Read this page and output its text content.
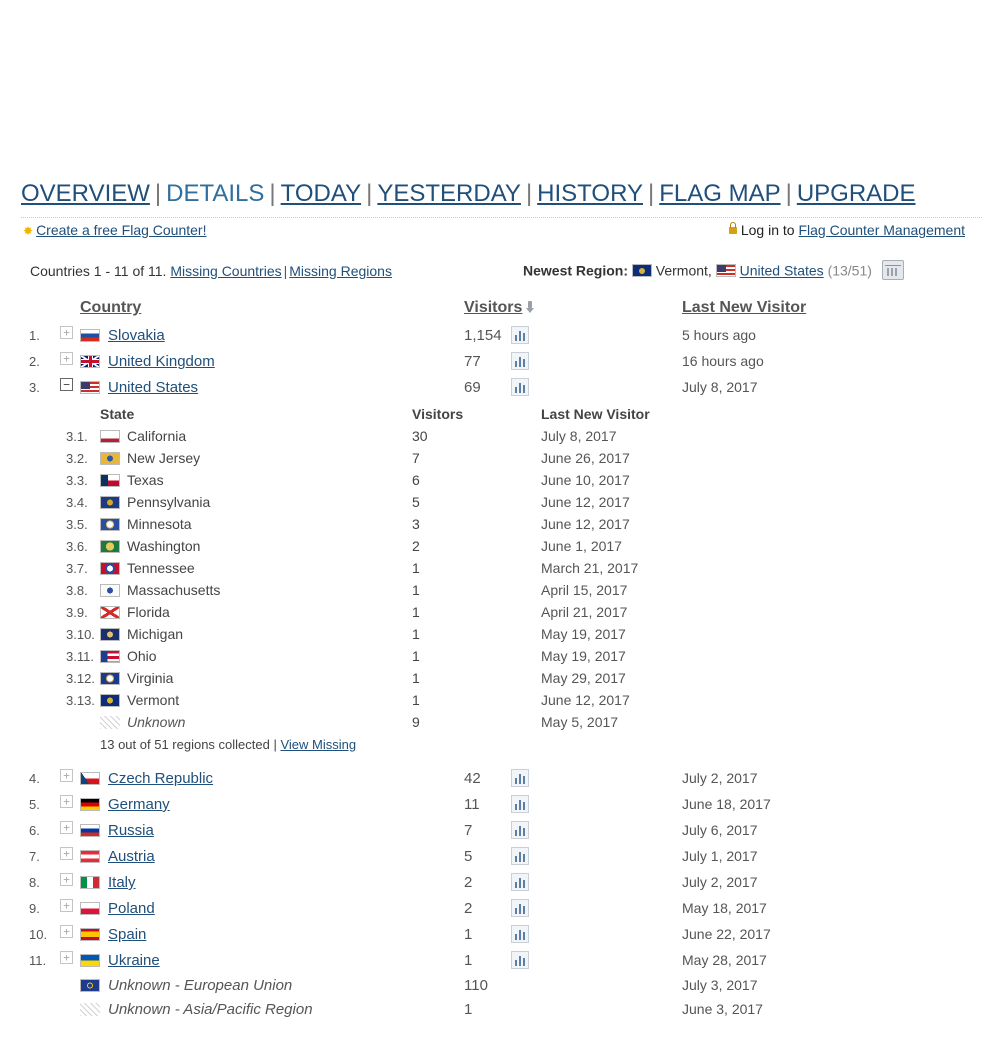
OVERVIEW | DETAILS | TODAY | YESTERDAY | HISTORY | FLAG MAP | UPGRADE
✸ Create a free Flag Counter!	Log in to Flag Counter Management
Countries 1 - 11 of 11. Missing Countries | Missing Regions	Newest Region: Vermont, United States (13/51)
Country	Visitors	Last New Visitor
1. +	Slovakia	1,154	5 hours ago
2. +	United Kingdom	77	16 hours ago
3. −	United States	69	July 8, 2017
State	Visitors	Last New Visitor
3.1.	California	30	July 8, 2017
3.2.	New Jersey	7	June 26, 2017
3.3.	Texas	6	June 10, 2017
3.4.	Pennsylvania	5	June 12, 2017
3.5.	Minnesota	3	June 12, 2017
3.6.	Washington	2	June 1, 2017
3.7.	Tennessee	1	March 21, 2017
3.8.	Massachusetts	1	April 15, 2017
3.9.	Florida	1	April 21, 2017
3.10. Michigan	1	May 19, 2017
3.11. Ohio	1	May 19, 2017
3.12. Virginia	1	May 29, 2017
3.13. Vermont	1	June 12, 2017
Unknown	9	May 5, 2017
13 out of 51 regions collected | View Missing
4. +	Czech Republic	42	July 2, 2017
5. +	Germany	11	June 18, 2017
6. +	Russia	7	July 6, 2017
7. +	Austria	5	July 1, 2017
8. +	Italy	2	July 2, 2017
9. +	Poland	2	May 18, 2017
10. +	Spain	1	June 22, 2017
11. +	Ukraine	1	May 28, 2017
Unknown - European Union	110	July 3, 2017
Unknown - Asia/Pacific Region	1	June 3, 2017
